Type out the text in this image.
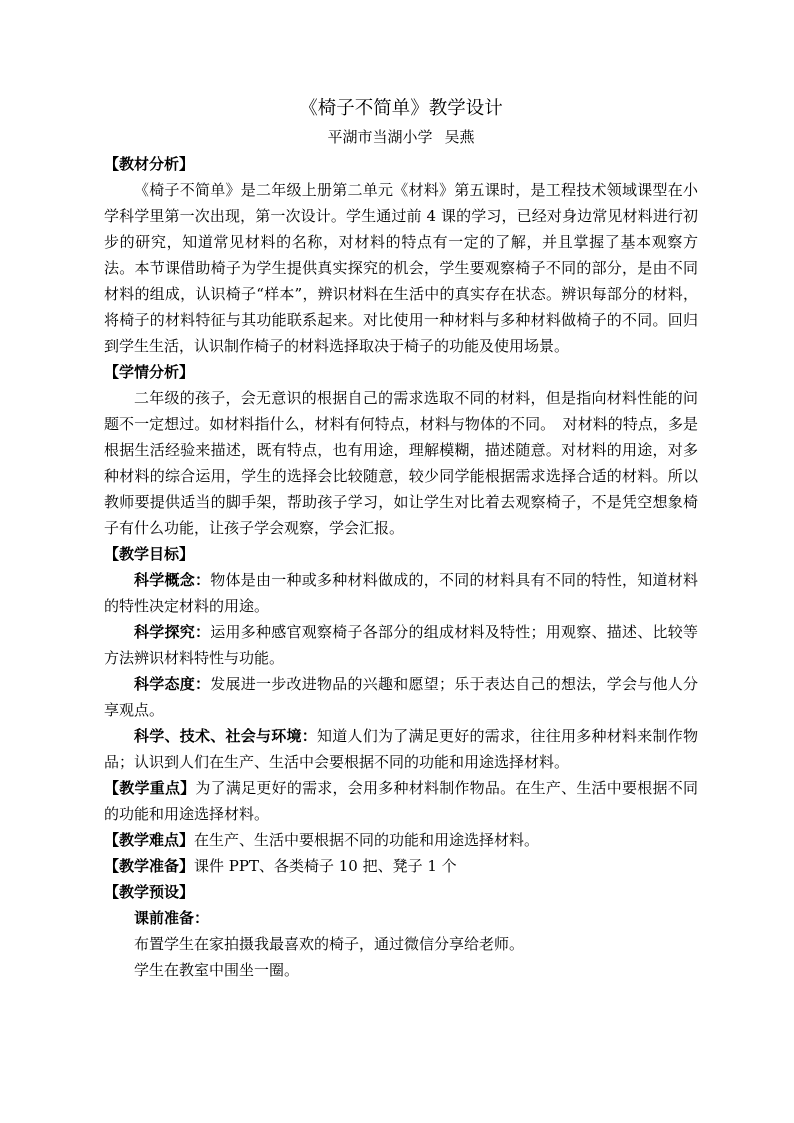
《椅子不简单》教学设计

平湖市当湖小学 吴燕

【教材分析】

《椅子不简单》是二年级上册第二单元《材料》第五课时，是工程技术领域课型在小学科学里第一次出现，第一次设计。学生通过前 4 课的学习，已经对身边常见材料进行初步的研究，知道常见材料的名称，对材料的特点有一定的了解，并且掌握了基本观察方法。本节课借助椅子为学生提供真实探究的机会，学生要观察椅子不同的部分，是由不同材料的组成，认识椅子“样本”，辨识材料在生活中的真实存在状态。辨识每部分的材料，将椅子的材料特征与其功能联系起来。对比使用一种材料与多种材料做椅子的不同。回归到学生生活，认识制作椅子的材料选择取决于椅子的功能及使用场景。

【学情分析】

二年级的孩子，会无意识的根据自己的需求选取不同的材料，但是指向材料性能的问题不一定想过。如材料指什么，材料有何特点，材料与物体的不同。　对材料的特点，多是根据生活经验来描述，既有特点，也有用途，理解模糊，描述随意。对材料的用途，对多种材料的综合运用，学生的选择会比较随意，较少同学能根据需求选择合适的材料。所以教师要提供适当的脚手架，帮助孩子学习，如让学生对比着去观察椅子，不是凭空想象椅子有什么功能，让孩子学会观察，学会汇报。

【教学目标】

科学概念：物体是由一种或多种材料做成的，不同的材料具有不同的特性，知道材料的特性决定材料的用途。

科学探究：运用多种感官观察椅子各部分的组成材料及特性；用观察、描述、比较等方法辨识材料特性与功能。

科学态度：发展进一步改进物品的兴趣和愿望；乐于表达自己的想法，学会与他人分享观点。

科学、技术、社会与环境：知道人们为了满足更好的需求，往往用多种材料来制作物品；认识到人们在生产、生活中会要根据不同的功能和用途选择材料。

【教学重点】为了满足更好的需求，会用多种材料制作物品。在生产、生活中要根据不同的功能和用途选择材料。

【教学难点】在生产、生活中要根据不同的功能和用途选择材料。

【教学准备】课件 PPT、各类椅子 10 把、凳子 1 个

【教学预设】

课前准备：

布置学生在家拍摄我最喜欢的椅子，通过微信分享给老师。

学生在教室中围坐一圈。
